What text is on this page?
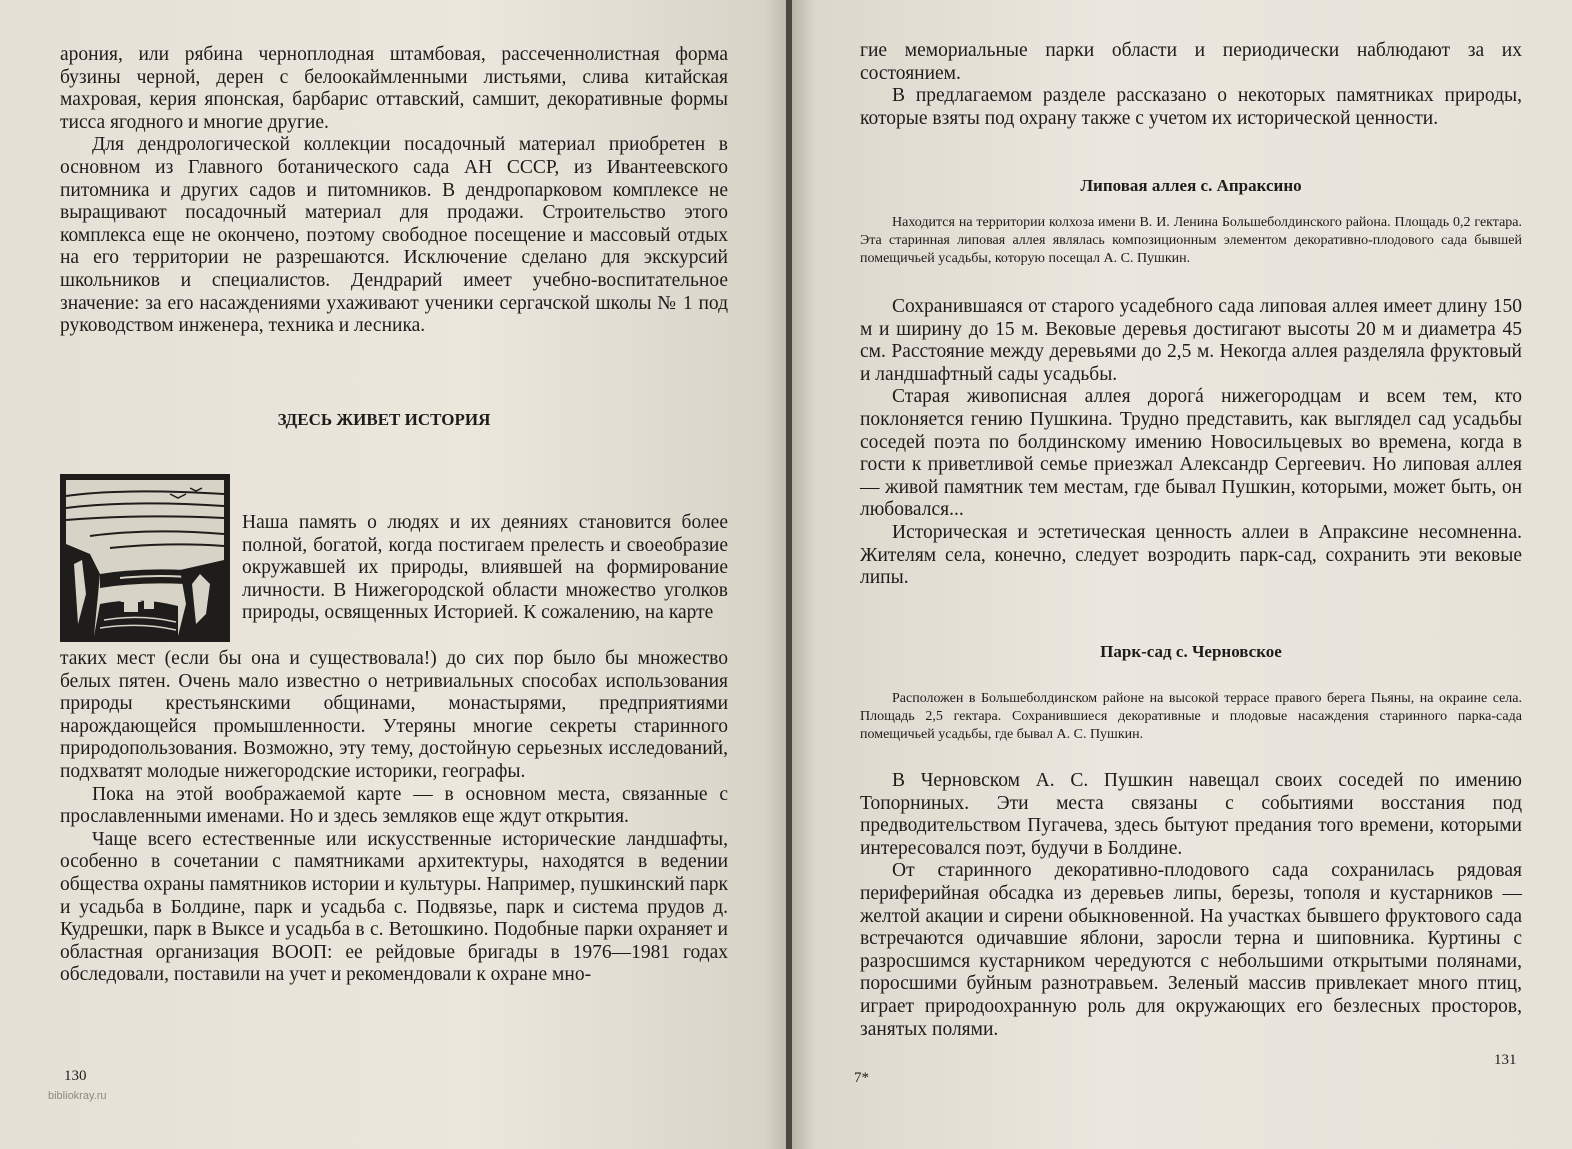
арония, или рябина черноплодная штамбовая, рассеченнолистная форма бузины черной, дерен с белоокаймленными листьями, слива китайская махровая, керия японская, барбарис оттавский, самшит, декоративные формы тисса ягодного и многие другие.

Для дендрологической коллекции посадочный материал приобретен в основном из Главного ботанического сада АН СССР, из Ивантеевского питомника и других садов и питомников. В дендропарковом комплексе не выращивают посадочный материал для продажи. Строительство этого комплекса еще не окончено, поэтому свободное посещение и массовый отдых на его территории не разрешаются. Исключение сделано для экскурсий школьников и специалистов. Дендрарий имеет учебно-воспитательное значение: за его насаждениями ухаживают ученики сергачской школы № 1 под руководством инженера, техника и лесника.

ЗДЕСЬ ЖИВЕТ ИСТОРИЯ

Наша память о людях и их деяниях становится более полной, богатой, когда постигаем прелесть и своеобразие окружавшей их природы, влиявшей на формирование личности. В Нижегородской области множество уголков природы, освященных Историей. К сожалению, на карте

таких мест (если бы она и существовала!) до сих пор было бы множество белых пятен. Очень мало известно о нетривиальных способах использования природы крестьянскими общинами, монастырями, предприятиями нарождающейся промышленности. Утеряны многие секреты старинного природопользования. Возможно, эту тему, достойную серьезных исследований, подхватят молодые нижегородские историки, географы.

Пока на этой воображаемой карте — в основном места, связанные с прославленными именами. Но и здесь земляков еще ждут открытия.

Чаще всего естественные или искусственные исторические ландшафты, особенно в сочетании с памятниками архитектуры, находятся в ведении общества охраны памятников истории и культуры. Например, пушкинский парк и усадьба в Болдине, парк и усадьба с. Подвязье, парк и система прудов д. Кудрешки, парк в Выксе и усадьба в с. Ветошкино. Подобные парки охраняет и областная организация ВООП: ее рейдовые бригады в 1976—1981 годах обследовали, поставили на учет и рекомендовали к охране мно-

130
bibliokray.ru

гие мемориальные парки области и периодически наблюдают за их состоянием.

В предлагаемом разделе рассказано о некоторых памятниках природы, которые взяты под охрану также с учетом их исторической ценности.

Липовая аллея с. Апраксино

Находится на территории колхоза имени В. И. Ленина Большеболдинского района. Площадь 0,2 гектара. Эта старинная липовая аллея являлась композиционным элементом декоративно-плодового сада бывшей помещичьей усадьбы, которую посещал А. С. Пушкин.

Сохранившаяся от старого усадебного сада липовая аллея имеет длину 150 м и ширину до 15 м. Вековые деревья достигают высоты 20 м и диаметра 45 см. Расстояние между деревьями до 2,5 м. Некогда аллея разделяла фруктовый и ландшафтный сады усадьбы.

Старая живописная аллея дорогá нижегородцам и всем тем, кто поклоняется гению Пушкина. Трудно представить, как выглядел сад усадьбы соседей поэта по болдинскому имению Новосильцевых во времена, когда в гости к приветливой семье приезжал Александр Сергеевич. Но липовая аллея — живой памятник тем местам, где бывал Пушкин, которыми, может быть, он любовался...

Историческая и эстетическая ценность аллеи в Апраксине несомненна. Жителям села, конечно, следует возродить парк-сад, сохранить эти вековые липы.

Парк-сад с. Черновское

Расположен в Большеболдинском районе на высокой террасе правого берега Пьяны, на окраине села. Площадь 2,5 гектара. Сохранившиеся декоративные и плодовые насаждения старинного парка-сада помещичьей усадьбы, где бывал А. С. Пушкин.

В Черновском А. С. Пушкин навещал своих соседей по имению Топорниных. Эти места связаны с событиями восстания под предводительством Пугачева, здесь бытуют предания того времени, которыми интересовался поэт, будучи в Болдине.

От старинного декоративно-плодового сада сохранилась рядовая периферийная обсадка из деревьев липы, березы, тополя и кустарников — желтой акации и сирени обыкновенной. На участках бывшего фруктового сада встречаются одичавшие яблони, заросли терна и шиповника. Куртины с разросшимся кустарником чередуются с небольшими открытыми полянами, поросшими буйным разнотравьем. Зеленый массив привлекает много птиц, играет природоохранную роль для окружающих его безлесных просторов, занятых полями.

7*
131
